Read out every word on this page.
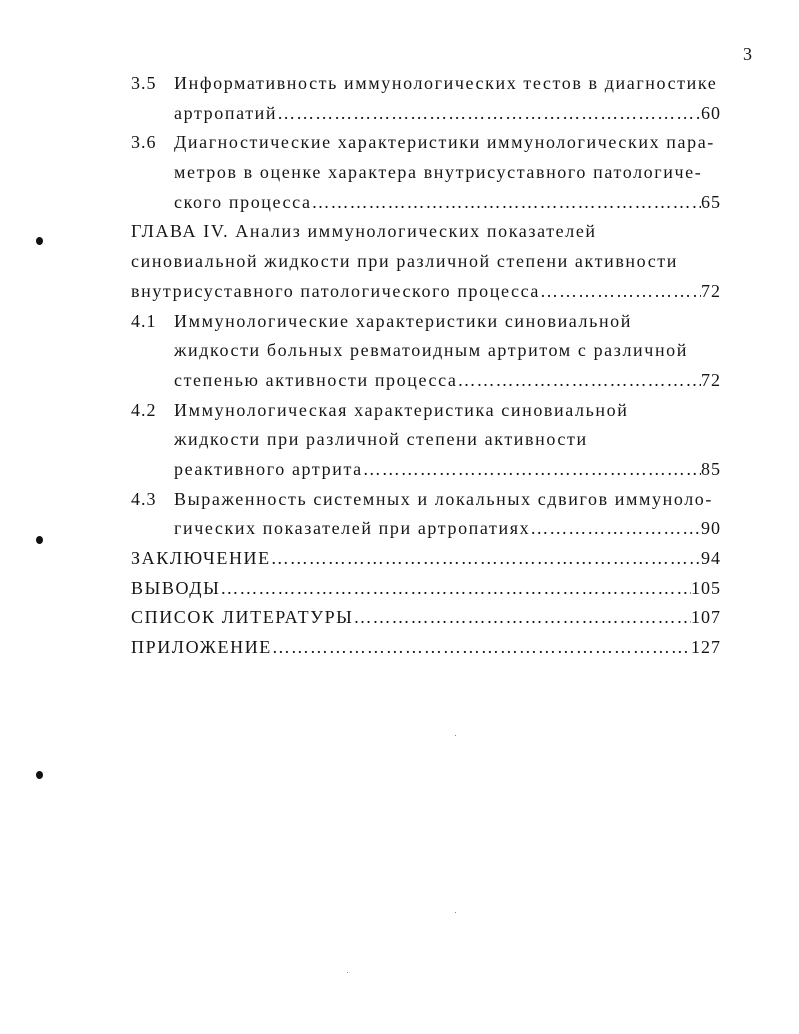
3
3.5 Информативность иммунологических тестов в диагностике
артропатий …………………………………………………………………………………………………………	60
3.6 Диагностические характеристики иммунологических пара-
метров в оценке характера внутрисуставного патологиче-
ского процесса …………………………………………………………………………………………………………	65
ГЛАВА IV. Анализ иммунологических показателей
синовиальной жидкости при различной степени активности
внутрисуставного патологического процесса …………………………………………………………………………………………………………	72
4.1 Иммунологические характеристики синовиальной
жидкости больных ревматоидным артритом с различной
степенью активности процесса …………………………………………………………………………………………………………	72
4.2 Иммунологическая характеристика синовиальной
жидкости при различной степени активности
реактивного артрита …………………………………………………………………………………………………………	85
4.3 Выраженность системных и локальных сдвигов иммуноло-
гических показателей при артропатиях …………………………………………………………………………………………………………	90
ЗАКЛЮЧЕНИЕ …………………………………………………………………………………………………………	94
ВЫВОДЫ …………………………………………………………………………………………………………	105
СПИСОК ЛИТЕРАТУРЫ …………………………………………………………………………………………………………	107
ПРИЛОЖЕНИЕ …………………………………………………………………………………………………………	127
